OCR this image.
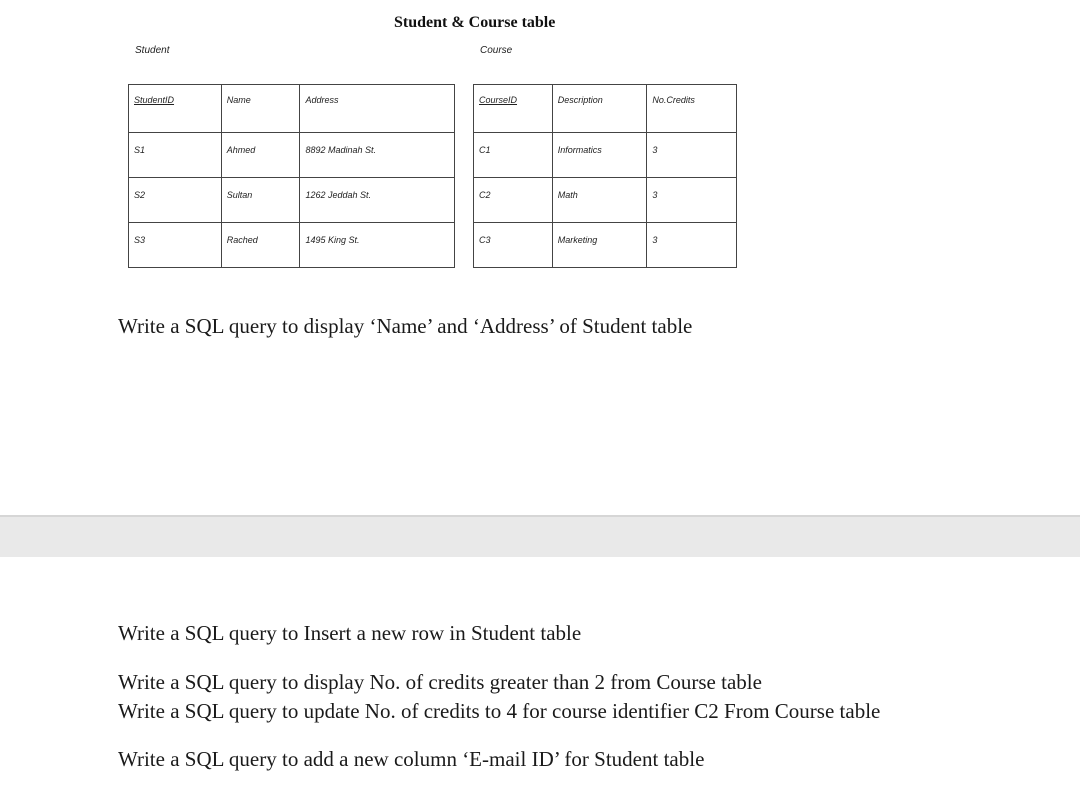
Student & Course table
Student	Course
StudentID	Name	Address
S1	Ahmed	8892 Madinah St.
S2	Sultan	1262 Jeddah St.
S3	Rached	1495 King St.
CourseID	Description	No.Credits
C1	Informatics	3
C2	Math	3
C3	Marketing	3
Write a SQL query to display ‘Name’ and ‘Address’ of Student table
Write a SQL query to Insert a new row in Student table
Write a SQL query to display No. of credits greater than 2 from Course table
Write a SQL query to update No. of credits to 4 for course identifier C2 From Course table
Write a SQL query to add a new column ‘E-mail ID’ for Student table
